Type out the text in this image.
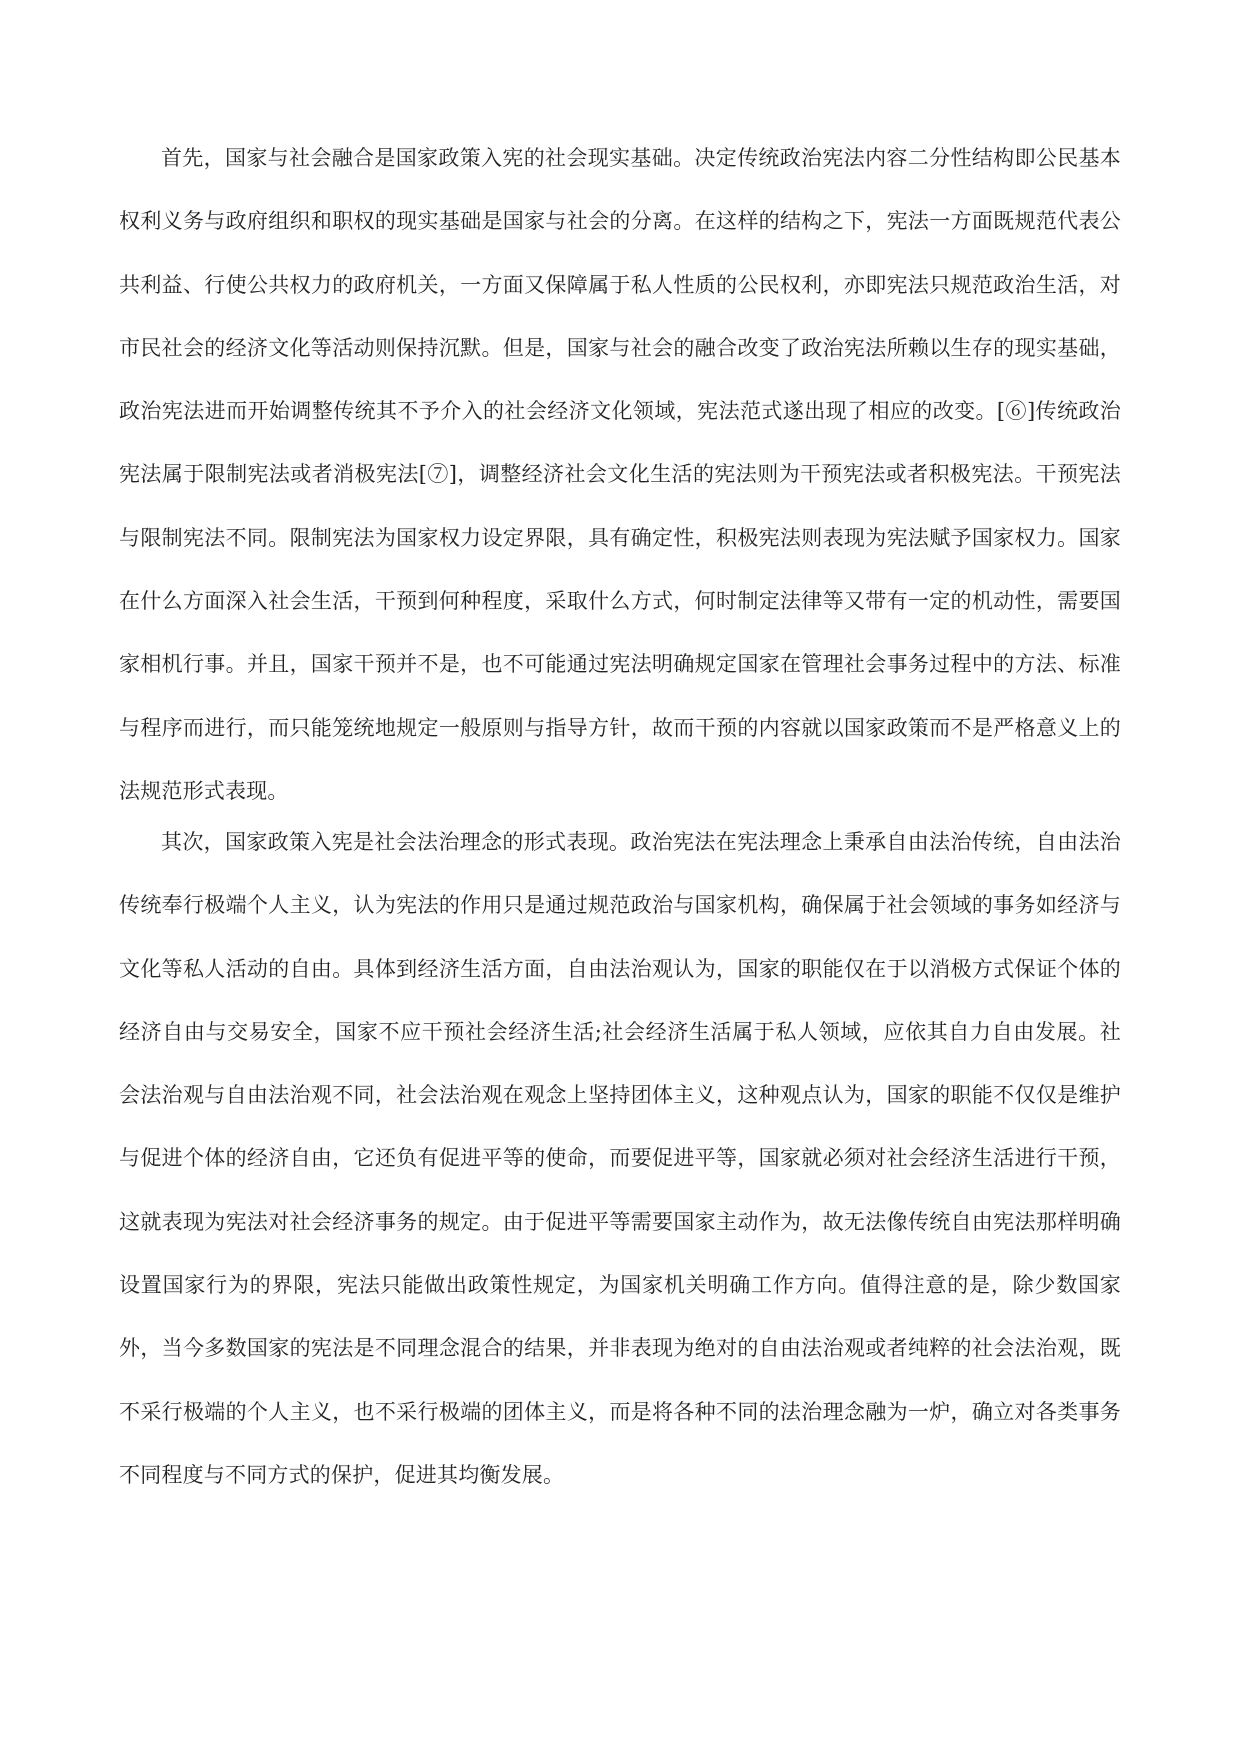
首先，国家与社会融合是国家政策入宪的社会现实基础。决定传统政治宪法内容二分性结构即公民基本权利义务与政府组织和职权的现实基础是国家与社会的分离。在这样的结构之下，宪法一方面既规范代表公共利益、行使公共权力的政府机关，一方面又保障属于私人性质的公民权利，亦即宪法只规范政治生活，对市民社会的经济文化等活动则保持沉默。但是，国家与社会的融合改变了政治宪法所赖以生存的现实基础，政治宪法进而开始调整传统其不予介入的社会经济文化领域，宪法范式遂出现了相应的改变。[⑥]传统政治宪法属于限制宪法或者消极宪法[⑦]，调整经济社会文化生活的宪法则为干预宪法或者积极宪法。干预宪法与限制宪法不同。限制宪法为国家权力设定界限，具有确定性，积极宪法则表现为宪法赋予国家权力。国家在什么方面深入社会生活，干预到何种程度，采取什么方式，何时制定法律等又带有一定的机动性，需要国家相机行事。并且，国家干预并不是，也不可能通过宪法明确规定国家在管理社会事务过程中的方法、标准与程序而进行，而只能笼统地规定一般原则与指导方针，故而干预的内容就以国家政策而不是严格意义上的法规范形式表现。

其次，国家政策入宪是社会法治理念的形式表现。政治宪法在宪法理念上秉承自由法治传统，自由法治传统奉行极端个人主义，认为宪法的作用只是通过规范政治与国家机构，确保属于社会领域的事务如经济与文化等私人活动的自由。具体到经济生活方面，自由法治观认为，国家的职能仅在于以消极方式保证个体的经济自由与交易安全，国家不应干预社会经济生活;社会经济生活属于私人领域，应依其自力自由发展。社会法治观与自由法治观不同，社会法治观在观念上坚持团体主义，这种观点认为，国家的职能不仅仅是维护与促进个体的经济自由，它还负有促进平等的使命，而要促进平等，国家就必须对社会经济生活进行干预，这就表现为宪法对社会经济事务的规定。由于促进平等需要国家主动作为，故无法像传统自由宪法那样明确设置国家行为的界限，宪法只能做出政策性规定，为国家机关明确工作方向。值得注意的是，除少数国家外，当今多数国家的宪法是不同理念混合的结果，并非表现为绝对的自由法治观或者纯粹的社会法治观，既不采行极端的个人主义，也不采行极端的团体主义，而是将各种不同的法治理念融为一炉，确立对各类事务不同程度与不同方式的保护，促进其均衡发展。
